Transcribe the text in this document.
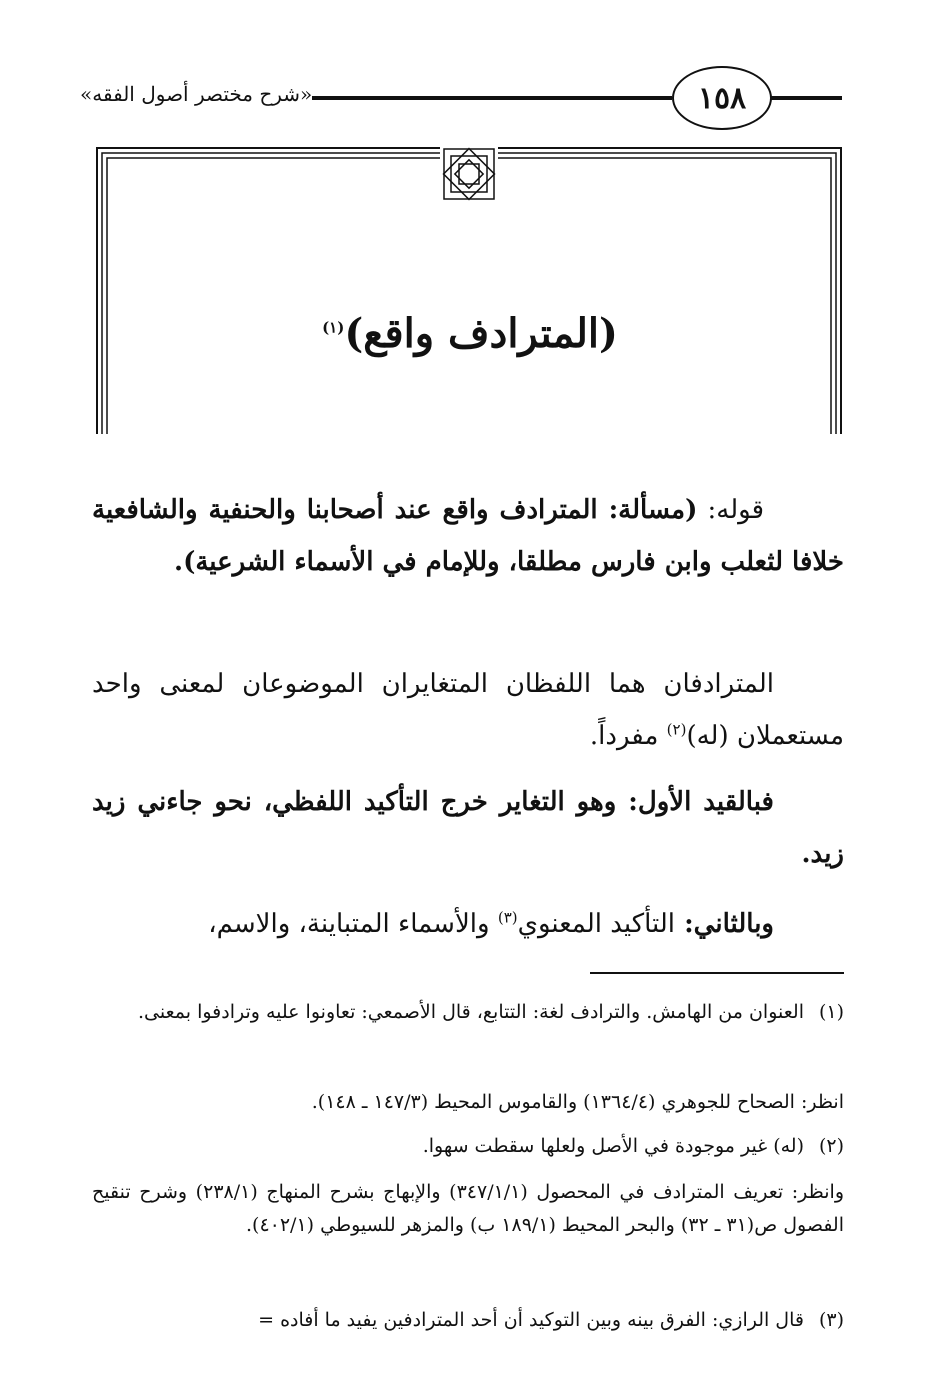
«شرح مختصر أصول الفقه»	١٥٨
(المترادف واقع)$^{(١)}$
قوله: (مسألة: المترادف واقع عند أصحابنا والحنفية والشافعية خلافا لثعلب وابن فارس مطلقا، وللإمام في الأسماء الشرعية).
المترادفان هما اللفظان المتغايران الموضوعان لمعنى واحد مستعملان (له)$^{(٢)}$ مفرداً.
فبالقيد الأول: وهو التغاير خرج التأكيد اللفظي، نحو جاءني زيد زيد.
وبالثاني: التأكيد المعنوي$^{(٣)}$ والأسماء المتباينة، والاسم،
(١)العنوان من الهامش. والترادف لغة: التتابع، قال الأصمعي: تعاونوا عليه وترادفوا بمعنى.
انظر: الصحاح للجوهري (١٣٦٤/٤) والقاموس المحيط (١٤٧/٣ ـ ١٤٨).
(٢)(له) غير موجودة في الأصل ولعلها سقطت سهوا.
وانظر: تعريف المترادف في المحصول (٣٤٧/١/١) والإبهاج بشرح المنهاج (٢٣٨/١) وشرح تنقيح الفصول ص(٣١ ـ ٣٢) والبحر المحيط (١٨٩/١ ب) والمزهر للسيوطي (٤٠٢/١).
(٣)قال الرازي: الفرق بينه وبين التوكيد أن أحد المترادفين يفيد ما أفاده =
